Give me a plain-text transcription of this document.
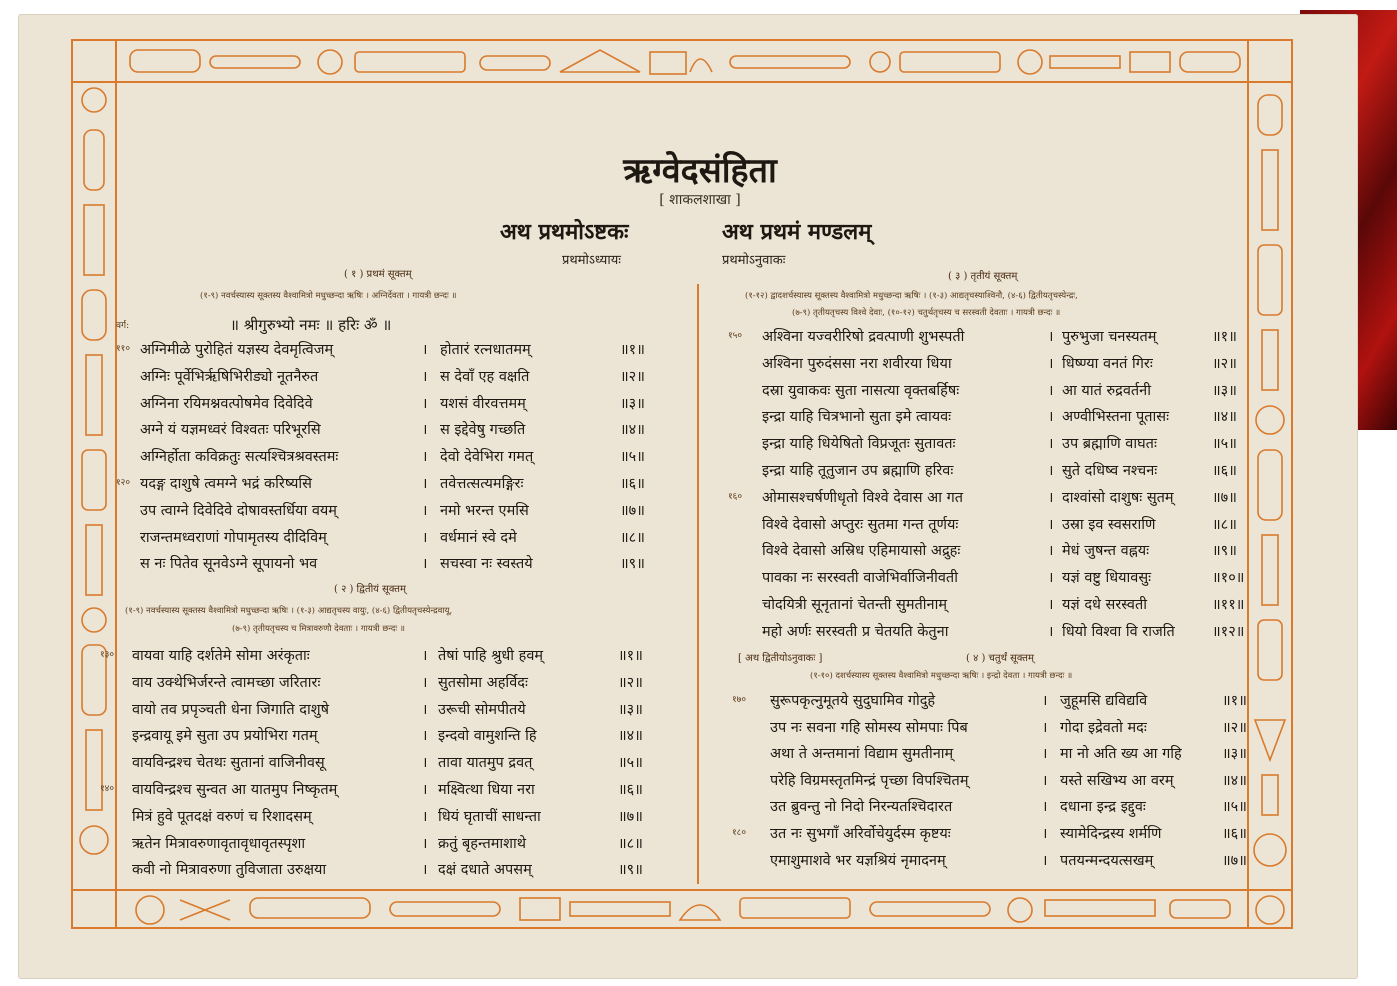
ऋग्वेदसंहिता
[ शाकलशाखा ]
अथ प्रथमोऽष्टकः
प्रथमोऽध्यायः
अथ प्रथमं मण्डलम्
प्रथमोऽनुवाकः
( १ ) प्रथमं सूक्तम्
(१-९) नवर्चस्यास्य सूक्तस्य वैश्वामित्रो मधुच्छन्दा ऋषिः । अग्निर्देवता । गायत्री छन्दः ॥
वर्ग:	॥ श्रीगुरुभ्यो नमः ॥ हरिः ॐ ॥
११० अग्निमीळे पुरोहितं यज्ञस्य देवमृत्विजम्	। होतारं रत्नधातमम्	॥१॥
अग्निः पूर्वेभिर्ऋषिभिरीड्यो नूतनैरुत	। स देवाँ एह वक्षति	॥२॥
अग्निना रयिमश्नवत्पोषमेव दिवेदिवे	। यशसं वीरवत्तमम्	॥३॥
अग्ने यं यज्ञमध्वरं विश्वतः परिभूरसि	। स इद्देवेषु गच्छति	॥४॥
अग्निर्होता कविक्रतुः सत्यश्चित्रश्रवस्तमः	। देवो देवेभिरा गमत्	॥५॥
१२० यदङ्ग दाशुषे त्वमग्ने भद्रं करिष्यसि	। तवेत्तत्सत्यमङ्गिरः	॥६॥
उप त्वाग्ने दिवेदिवे दोषावस्तर्धिया वयम्	। नमो भरन्त एमसि	॥७॥
राजन्तमध्वराणां गोपामृतस्य दीदिविम्	। वर्धमानं स्वे दमे	॥८॥
स नः पितेव सूनवेऽग्ने सूपायनो भव	। सचस्वा नः स्वस्तये	॥९॥
( २ ) द्वितीयं सूक्तम्
(१-९) नवर्चस्यास्य सूक्तस्य वैश्वामित्रो मधुच्छन्दा ऋषिः । (१-३) आद्यतृचस्य वायुः, (४-६) द्वितीयतृचस्येन्द्रवायू,
(७-९) तृतीयतृचस्य च मित्रावरुणौ देवताः । गायत्री छन्दः ॥
१३० वायवा याहि दर्शतेमे सोमा अरंकृताः	। तेषां पाहि श्रुधी हवम्	॥१॥
वाय उक्थेभिर्जरन्ते त्वामच्छा जरितारः	। सुतसोमा अहर्विदः	॥२॥
वायो तव प्रपृञ्चती धेना जिगाति दाशुषे	। उरूची सोमपीतये	॥३॥
इन्द्रवायू इमे सुता उप प्रयोभिरा गतम्	। इन्दवो वामुशन्ति हि	॥४॥
वायविन्द्रश्च चेतथः सुतानां वाजिनीवसू	। तावा यातमुप द्रवत्	॥५॥
१४० वायविन्द्रश्च सुन्वत आ यातमुप निष्कृतम्	। मक्ष्वित्था धिया नरा	॥६॥
मित्रं हुवे पूतदक्षं वरुणं च रिशादसम्	। धियं घृताचीं साधन्ता	॥७॥
ऋतेन मित्रावरुणावृतावृधावृतस्पृशा	। क्रतुं बृहन्तमाशाथे	॥८॥
कवी नो मित्रावरुणा तुविजाता उरुक्षया	। दक्षं दधाते अपसम्	॥९॥
( ३ ) तृतीयं सूक्तम्
(१-१२) द्वादशर्चस्यास्य सूक्तस्य वैश्वामित्रो मधुच्छन्दा ऋषिः । (१-३) आद्यतृचस्याश्विनौ, (४-६) द्वितीयतृचस्येन्द्रः,
(७-९) तृतीयतृचस्य विश्वे देवाः, (१०-१२) चतुर्थतृचस्य च सरस्वती देवताः । गायत्री छन्दः ॥
१५० अश्विना यज्वरीरिषो द्रवत्पाणी शुभस्पती	। पुरुभुजा चनस्यतम्	॥१॥
अश्विना पुरुदंससा नरा शवीरया धिया	। धिष्ण्या वनतं गिरः	॥२॥
दस्रा युवाकवः सुता नासत्या वृक्तबर्हिषः	। आ यातं रुद्रवर्तनी	॥३॥
इन्द्रा याहि चित्रभानो सुता इमे त्वायवः	। अण्वीभिस्तना पूतासः	॥४॥
इन्द्रा याहि धियेषितो विप्रजूतः सुतावतः	। उप ब्रह्माणि वाघतः	॥५॥
इन्द्रा याहि तूतुजान उप ब्रह्माणि हरिवः	। सुते दधिष्व नश्चनः	॥६॥
१६० ओमासश्चर्षणीधृतो विश्वे देवास आ गत	। दाश्वांसो दाशुषः सुतम्	॥७॥
विश्वे देवासो अप्तुरः सुतमा गन्त तूर्णयः	। उस्रा इव स्वसराणि	॥८॥
विश्वे देवासो अस्रिध एहिमायासो अद्रुहः	। मेधं जुषन्त वह्नयः	॥९॥
पावका नः सरस्वती वाजेभिर्वाजिनीवती	। यज्ञं वष्टु धियावसुः	॥१०॥
चोदयित्री सूनृतानां चेतन्ती सुमतीनाम्	। यज्ञं दधे सरस्वती	॥११॥
महो अर्णः सरस्वती प्र चेतयति केतुना	। धियो विश्वा वि राजति	॥१२॥
[ अथ द्वितीयोऽनुवाकः ]	( ४ ) चतुर्थं सूक्तम्
(१-१०) दशर्चस्यास्य सूक्तस्य वैश्वामित्रो मधुच्छन्दा ऋषिः । इन्द्रो देवता । गायत्री छन्दः ॥
१७० सुरूपकृत्नुमूतये सुदुघामिव गोदुहे	। जुहूमसि द्यविद्यवि	॥१॥
उप नः सवना गहि सोमस्य सोमपाः पिब	। गोदा इद्रेवतो मदः	॥२॥
अथा ते अन्तमानां विद्याम सुमतीनाम्	। मा नो अति ख्य आ गहि	॥३॥
परेहि विग्रमस्तृतमिन्द्रं पृच्छा विपश्चितम्	। यस्ते सखिभ्य आ वरम्	॥४॥
उत ब्रुवन्तु नो निदो निरन्यतश्चिदारत	। दधाना इन्द्र इद्दुवः	॥५॥
१८० उत नः सुभगाँ अरिर्वोचेयुर्दस्म कृष्टयः	। स्यामेदिन्द्रस्य शर्मणि	॥६॥
एमाशुमाशवे भर यज्ञश्रियं नृमादनम्	। पतयन्मन्दयत्सखम्	॥७॥
